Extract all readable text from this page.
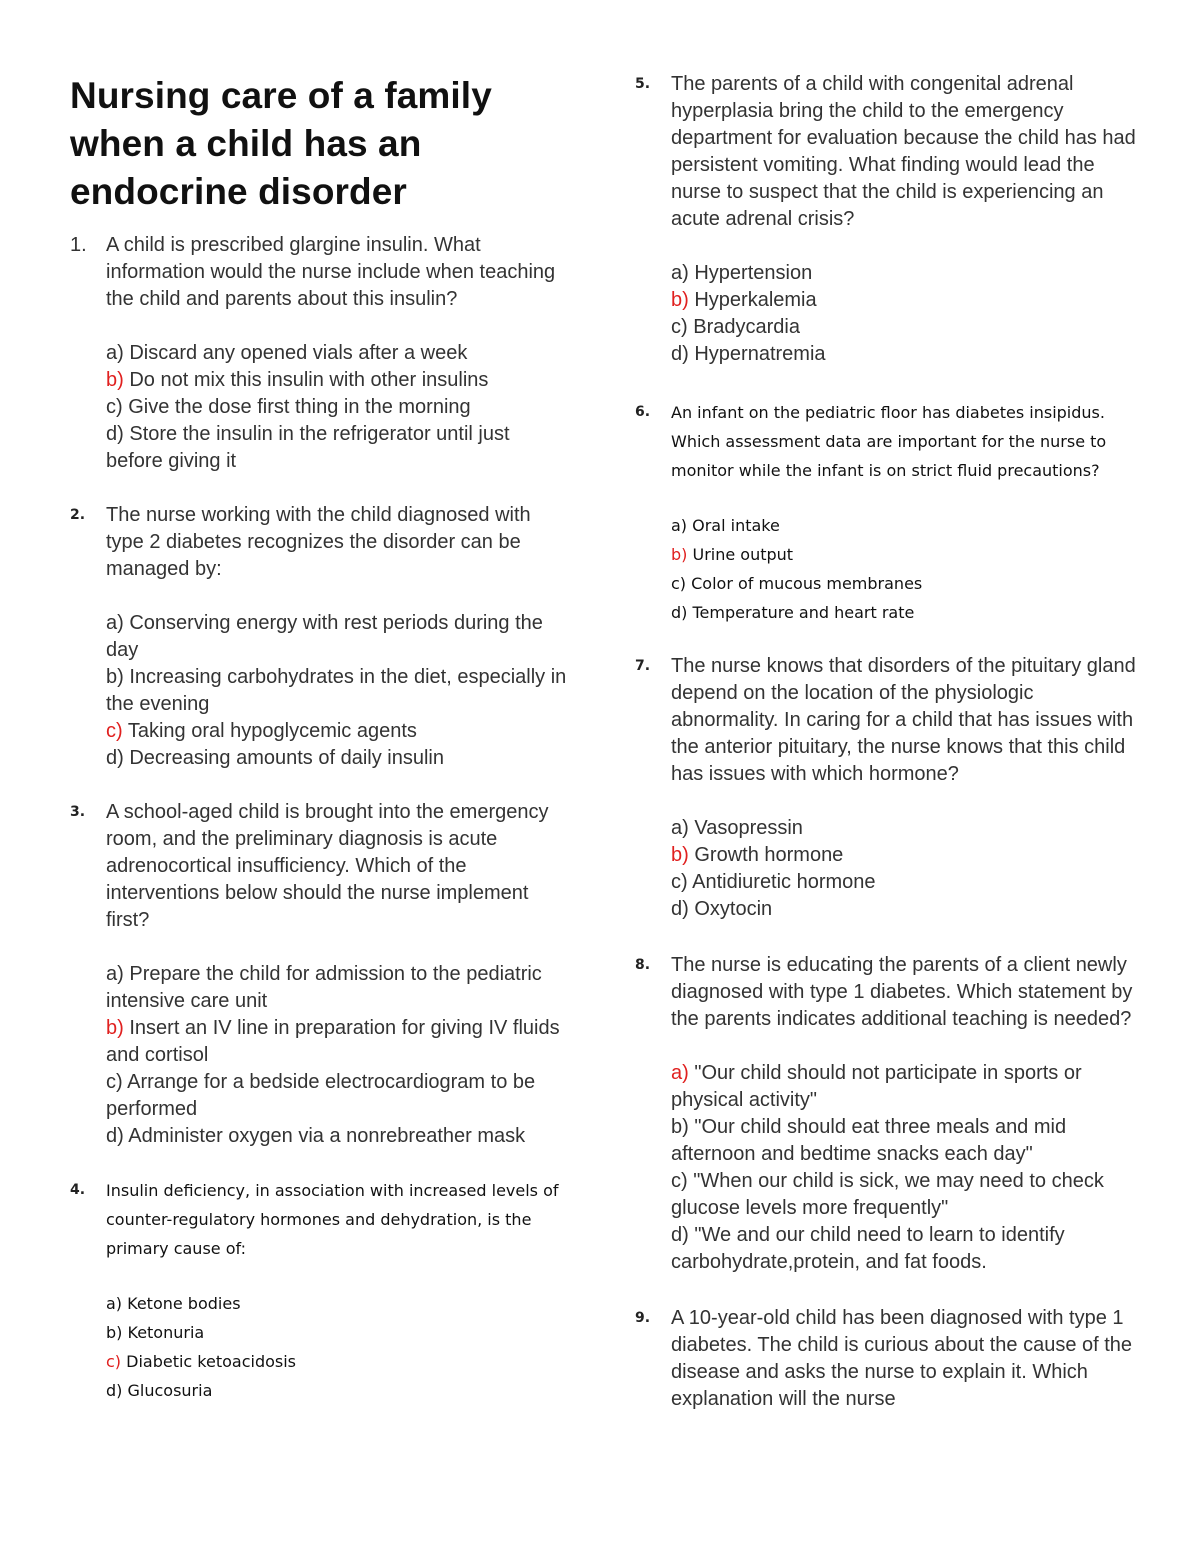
Nursing care of a family when a child has an endocrine disorder
1. A child is prescribed glargine insulin. What information would the nurse include when teaching the child and parents about this insulin?

a) Discard any opened vials after a week
b) Do not mix this insulin with other insulins
c) Give the dose first thing in the morning
d) Store the insulin in the refrigerator until just before giving it
2.	The nurse working with the child diagnosed with type 2 diabetes recognizes the disorder can be managed by:

a) Conserving energy with rest periods during the day
b) Increasing carbohydrates in the diet, especially in the evening
c) Taking oral hypoglycemic agents
d) Decreasing amounts of daily insulin
3.	A school-aged child is brought into the emergency room, and the preliminary diagnosis is acute adrenocortical insufficiency. Which of the interventions below should the nurse implement first?

a) Prepare the child for admission to the pediatric intensive care unit
b) Insert an IV line in preparation for giving IV fluids and cortisol
c) Arrange for a bedside electrocardiogram to be performed
d) Administer oxygen via a nonrebreather mask
4.	Insulin deficiency, in association with increased levels of counter-regulatory hormones and dehydration, is the primary cause of:

a) Ketone bodies
b) Ketonuria
c) Diabetic ketoacidosis
d) Glucosuria
5.	The parents of a child with congenital adrenal hyperplasia bring the child to the emergency department for evaluation because the child has had persistent vomiting. What finding would lead the nurse to suspect that the child is experiencing an acute adrenal crisis?

a) Hypertension
b) Hyperkalemia
c) Bradycardia
d) Hypernatremia
6.	An infant on the pediatric floor has diabetes insipidus. Which assessment data are important for the nurse to monitor while the infant is on strict fluid precautions?

a) Oral intake
b) Urine output
c) Color of mucous membranes
d) Temperature and heart rate
7.	The nurse knows that disorders of the pituitary gland depend on the location of the physiologic abnormality. In caring for a child that has issues with the anterior pituitary, the nurse knows that this child has issues with which hormone?

a) Vasopressin
b) Growth hormone
c) Antidiuretic hormone
d) Oxytocin
8.	The nurse is educating the parents of a client newly diagnosed with type 1 diabetes. Which statement by the parents indicates additional teaching is needed?

a) "Our child should not participate in sports or physical activity"
b) "Our child should eat three meals and mid afternoon and bedtime snacks each day"
c) "When our child is sick, we may need to check glucose levels more frequently"
d) "We and our child need to learn to identify carbohydrate,protein, and fat foods.
9.	A 10-year-old child has been diagnosed with type 1 diabetes. The child is curious about the cause of the disease and asks the nurse to explain it. Which explanation will the nurse
